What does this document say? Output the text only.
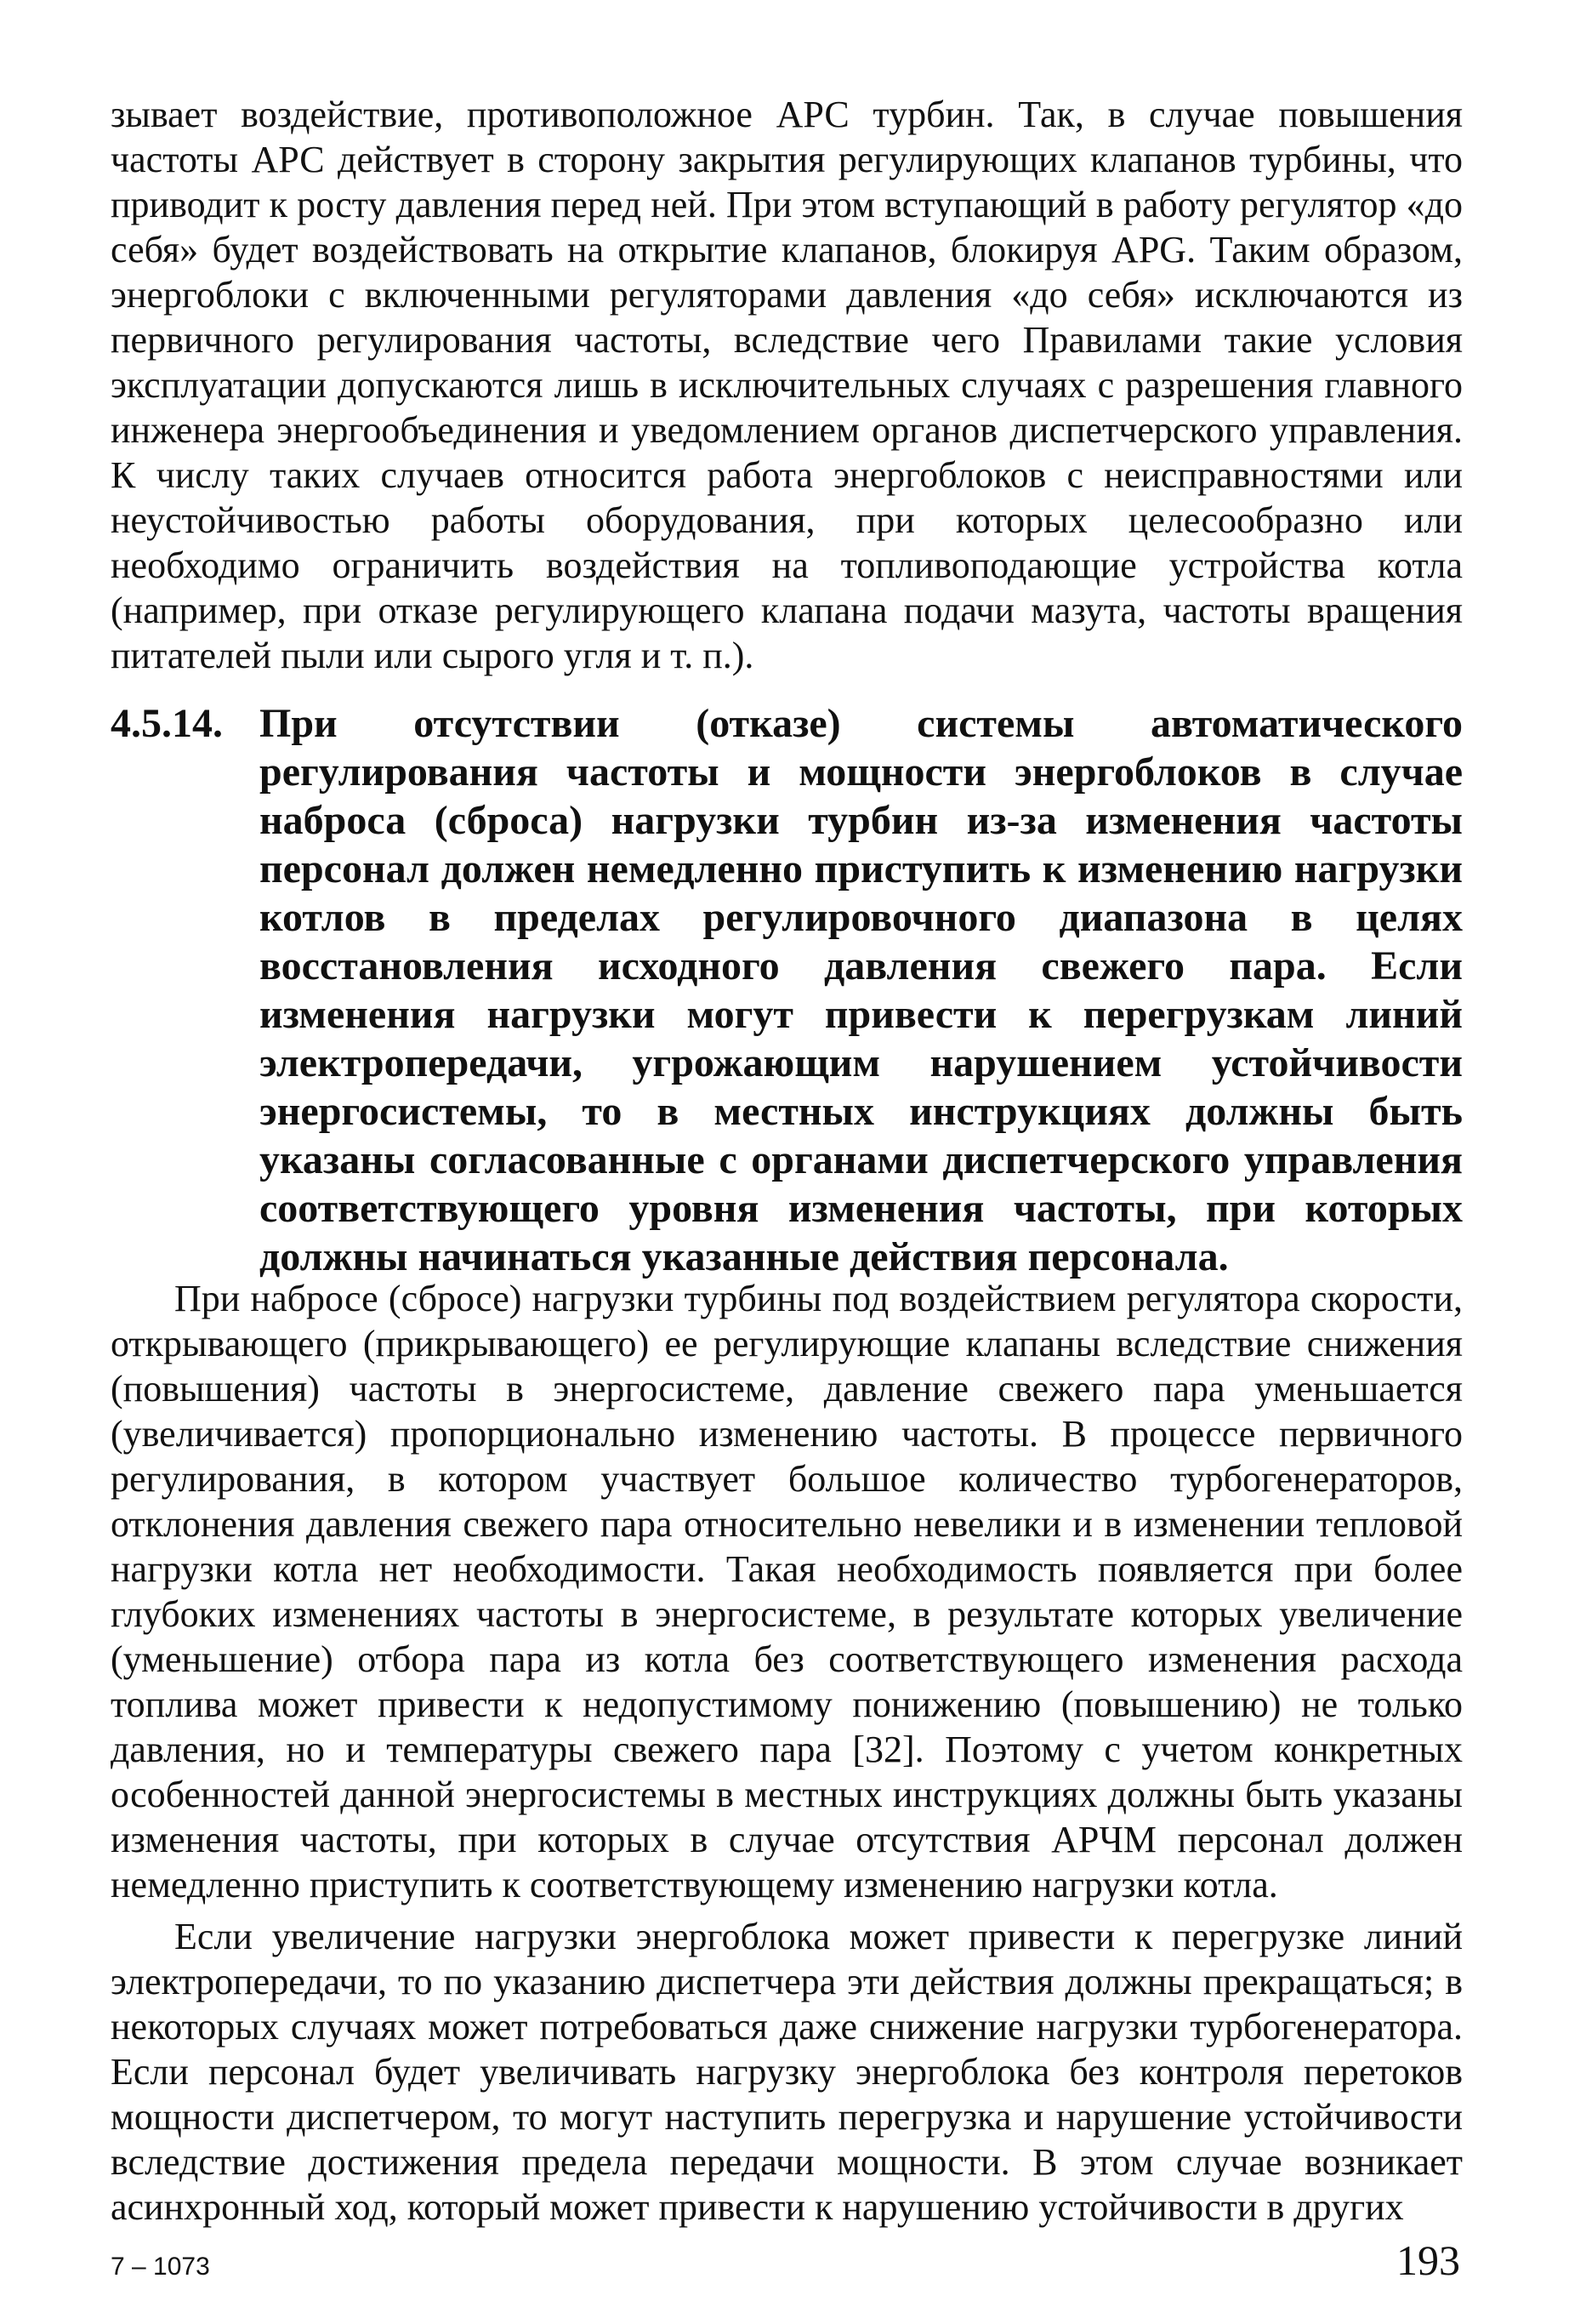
зывает воздействие, противоположное АРС турбин. Так, в случае повышения частоты АРС действует в сторону закрытия регулирующих клапанов турбины, что приводит к росту давления перед ней. При этом вступающий в работу регулятор «до себя» будет воздействовать на открытие клапанов, блокируя APG. Таким образом, энергоблоки с включенными регуляторами давления «до себя» исключаются из первичного регулирования частоты, вследствие чего Правилами такие условия эксплуатации допускаются лишь в исключительных случаях с разрешения главного инженера энергообъединения и уведомлением органов диспетчерского управления. К числу таких случаев относится работа энергоблоков с неисправностями или неустойчивостью работы оборудования, при которых целесообразно или необходимо ограничить воздействия на топливоподающие устройства котла (например, при отказе регулирующего клапана подачи мазута, частоты вращения питателей пыли или сырого угля и т. п.).

4.5.14. При отсутствии (отказе) системы автоматического регулирования частоты и мощности энергоблоков в случае наброса (сброса) нагрузки турбин из-за изменения частоты персонал должен немедленно приступить к изменению нагрузки котлов в пределах регулировочного диапазона в целях восстановления исходного давления свежего пара. Если изменения нагрузки могут привести к перегрузкам линий электропередачи, угрожающим нарушением устойчивости энергосистемы, то в местных инструкциях должны быть указаны согласованные с органами диспетчерского управления соответствующего уровня изменения частоты, при которых должны начинаться указанные действия персонала.

При набросе (сбросе) нагрузки турбины под воздействием регулятора скорости, открывающего (прикрывающего) ее регулирующие клапаны вследствие снижения (повышения) частоты в энергосистеме, давление свежего пара уменьшается (увеличивается) пропорционально изменению частоты. В процессе первичного регулирования, в котором участвует большое количество турбогенераторов, отклонения давления свежего пара относительно невелики и в изменении тепловой нагрузки котла нет необходимости. Такая необходимость появляется при более глубоких изменениях частоты в энергосистеме, в результате которых увеличение (уменьшение) отбора пара из котла без соответствующего изменения расхода топлива может привести к недопустимому понижению (повышению) не только давления, но и температуры свежего пара [32]. Поэтому с учетом конкретных особенностей данной энергосистемы в местных инструкциях должны быть указаны изменения частоты, при которых в случае отсутствия АРЧМ персонал должен немедленно приступить к соответствующему изменению нагрузки котла.

Если увеличение нагрузки энергоблока может привести к перегрузке линий электропередачи, то по указанию диспетчера эти действия должны прекращаться; в некоторых случаях может потребоваться даже снижение нагрузки турбогенератора. Если персонал будет увеличивать нагрузку энергоблока без контроля перетоков мощности диспетчером, то могут наступить перегрузка и нарушение устойчивости вследствие достижения предела передачи мощности. В этом случае возникает асинхронный ход, который может привести к нарушению устойчивости в других

7 – 1073	193
